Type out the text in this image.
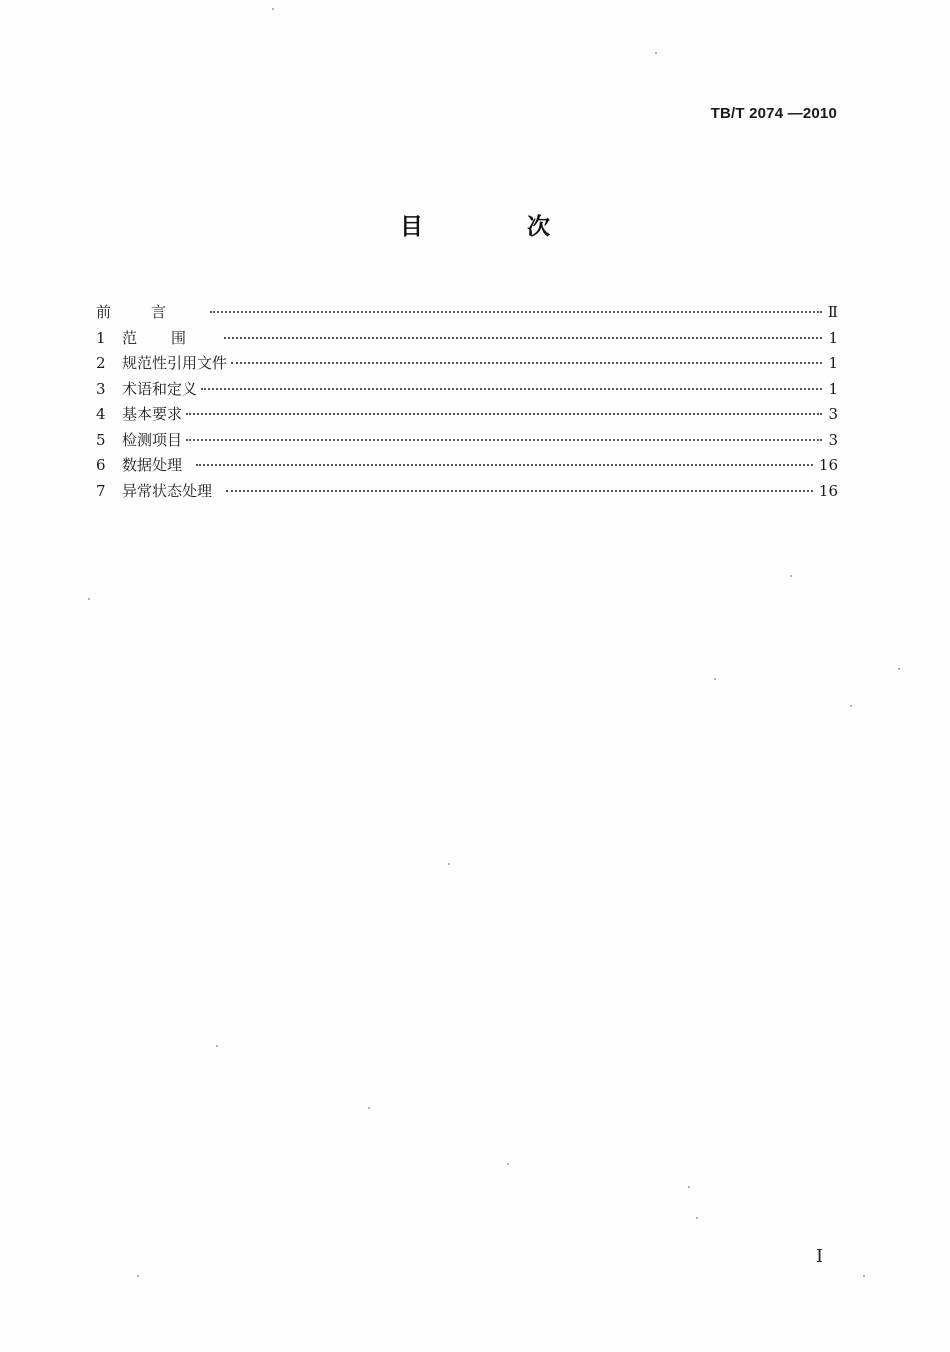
TB/T 2074 —2010
目 次
前言	Ⅱ
1	范围	1
2	规范性引用文件	1
3	术语和定义	1
4	基本要求	3
5	检测项目	3
6	数据处理	16
7	异常状态处理	16
I
